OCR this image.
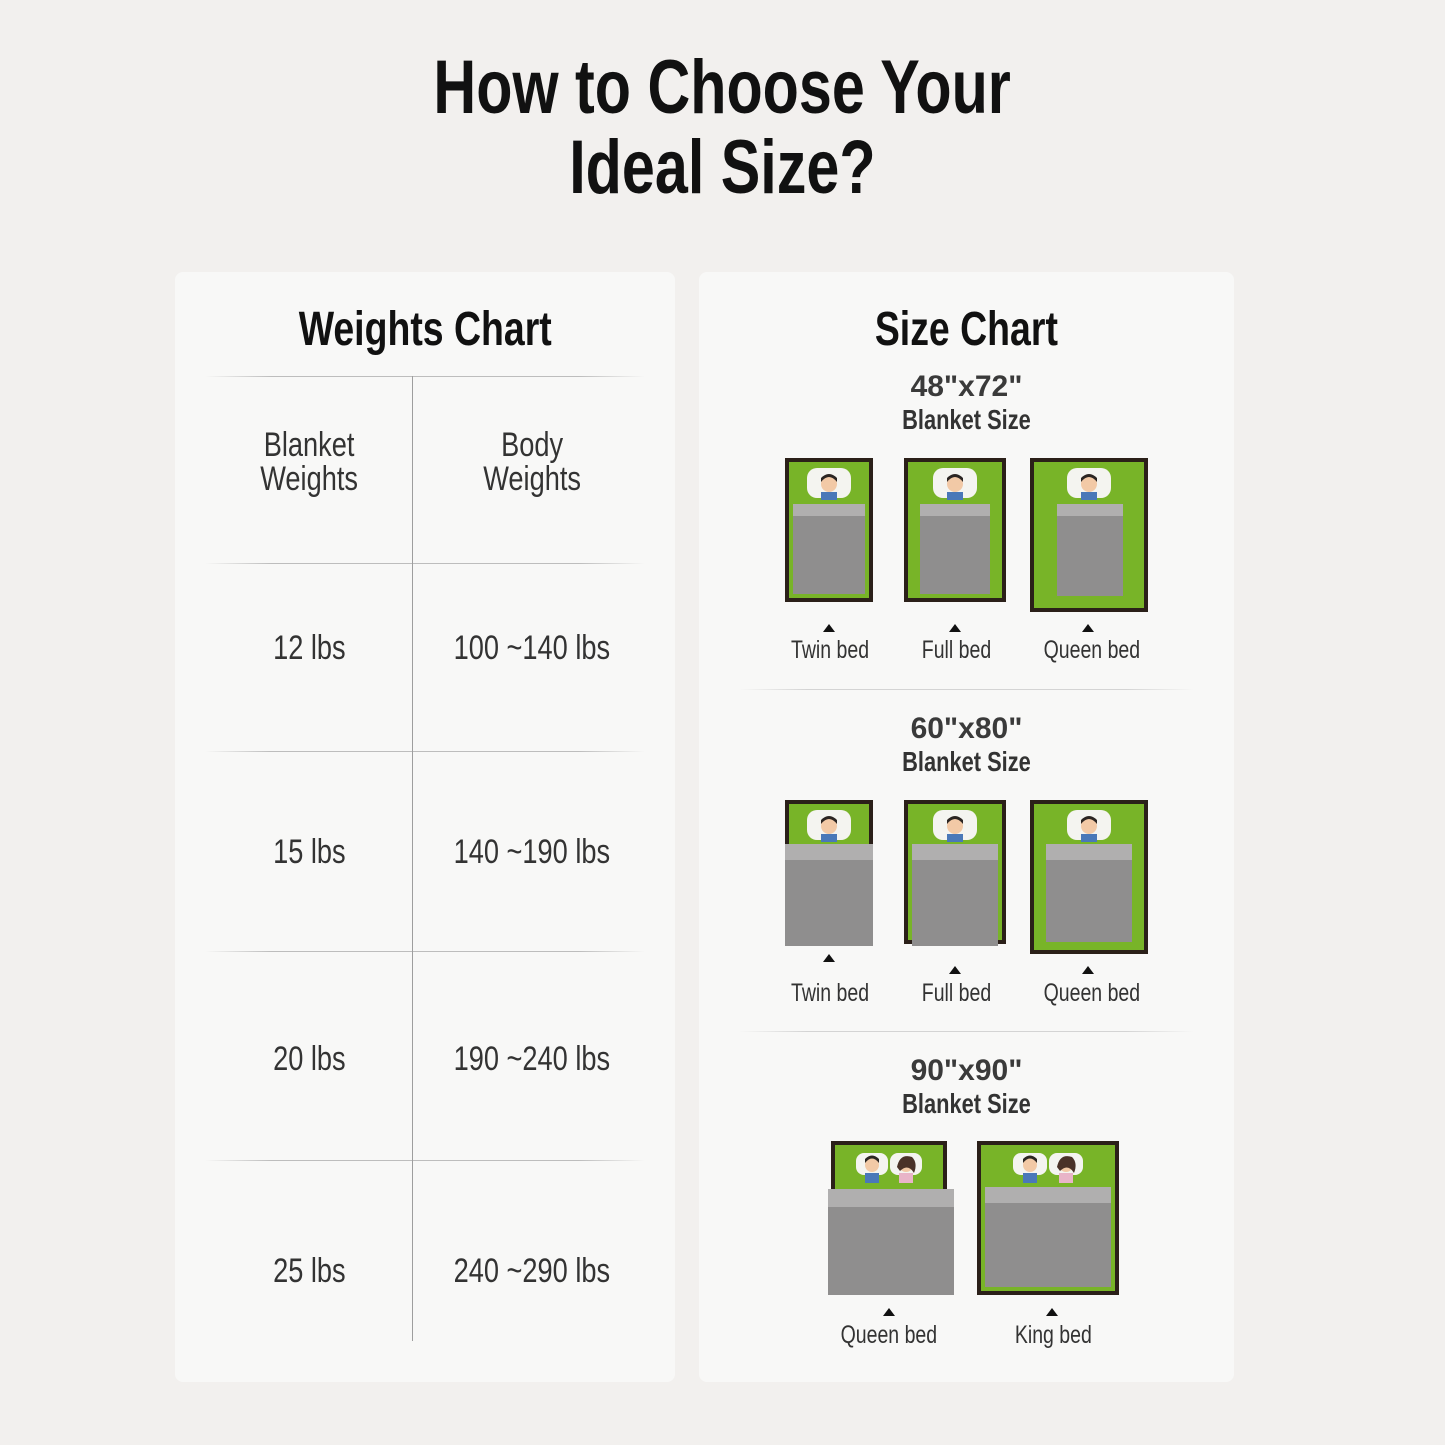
How to Choose Your
Ideal Size?
Weights Chart
Blanket
Weights
Body
Weights
12 lbs	100 ~140 lbs
15 lbs	140 ~190 lbs
20 lbs	190 ~240 lbs
25 lbs	240 ~290 lbs
Size Chart
48"x72"
Blanket Size
60"x80"
Blanket Size
90"x90"
Blanket Size
Twin bed	Full bed	Queen bed
Twin bed	Full bed	Queen bed
Queen bed	King bed
